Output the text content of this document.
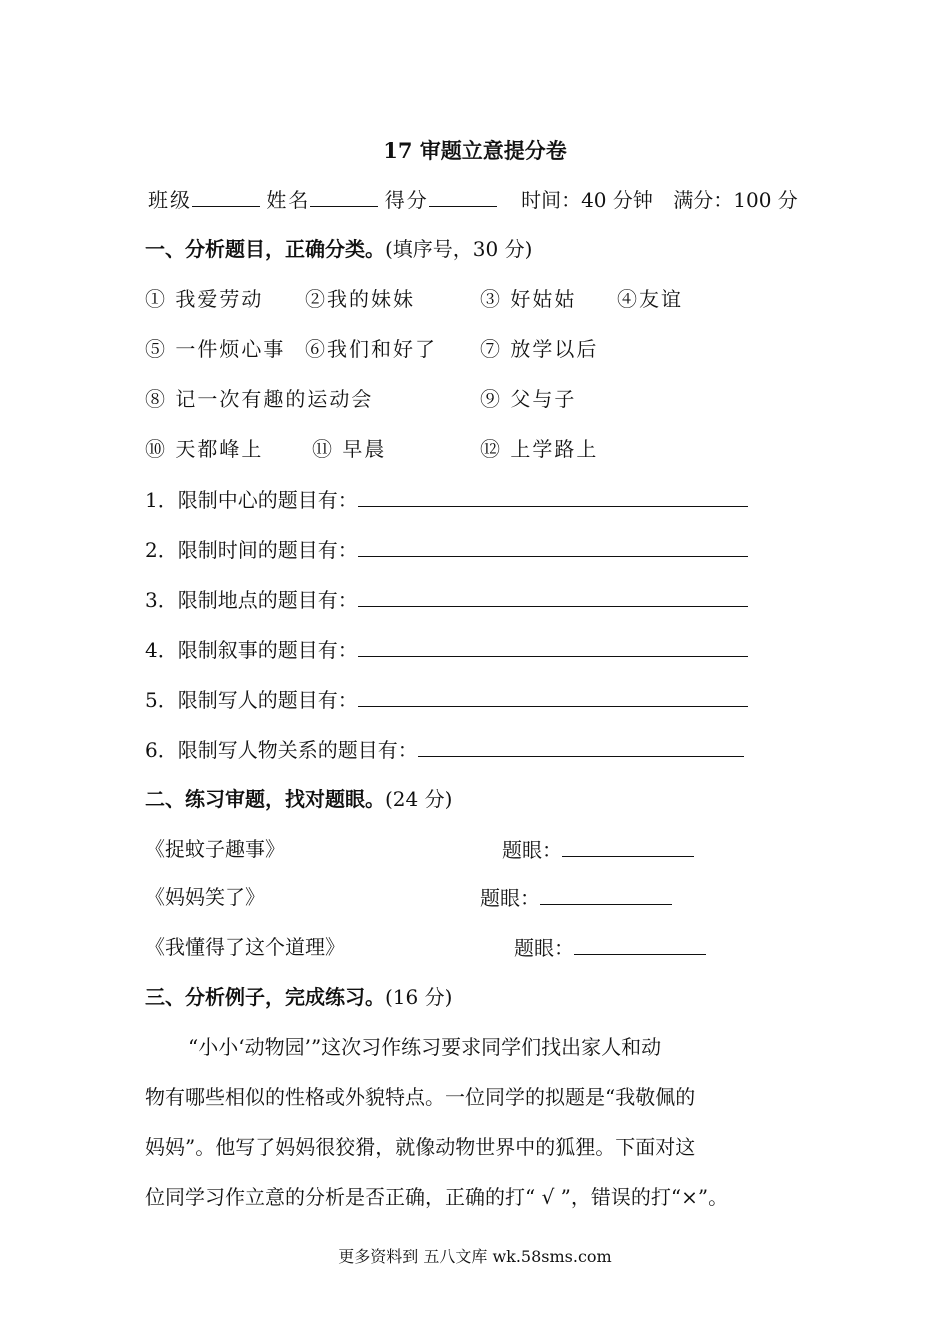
17 审题立意提分卷
班级	姓名	得分	时间：40 分钟 满分：100 分
一、分析题目，正确分类。(填序号，30 分)
① 我爱劳动 ②我的妹妹	③ 好姑姑 ④友谊
⑤ 一件烦心事 ⑥我们和好了 ⑦ 放学以后
⑧ 记一次有趣的运动会	⑨ 父与子
⑩ 天都峰上 ⑪ 早晨	⑫ 上学路上
1．限制中心的题目有：
2．限制时间的题目有：
3．限制地点的题目有：
4．限制叙事的题目有：
5．限制写人的题目有：
6．限制写人物关系的题目有：
二、练习审题，找对题眼。(24 分)
《捉蚊子趣事》	题眼：
《妈妈笑了》	题眼：
《我懂得了这个道理》	题眼：
三、分析例子，完成练习。(16 分)
“小小‘动物园’”这次习作练习要求同学们找出家人和动
物有哪些相似的性格或外貌特点。一位同学的拟题是“我敬佩的
妈妈”。他写了妈妈很狡猾，就像动物世界中的狐狸。下面对这
位同学习作立意的分析是否正确，正确的打“ √ ”，错误的打“×”。
更多资料到 五八文库 wk.58sms.com
